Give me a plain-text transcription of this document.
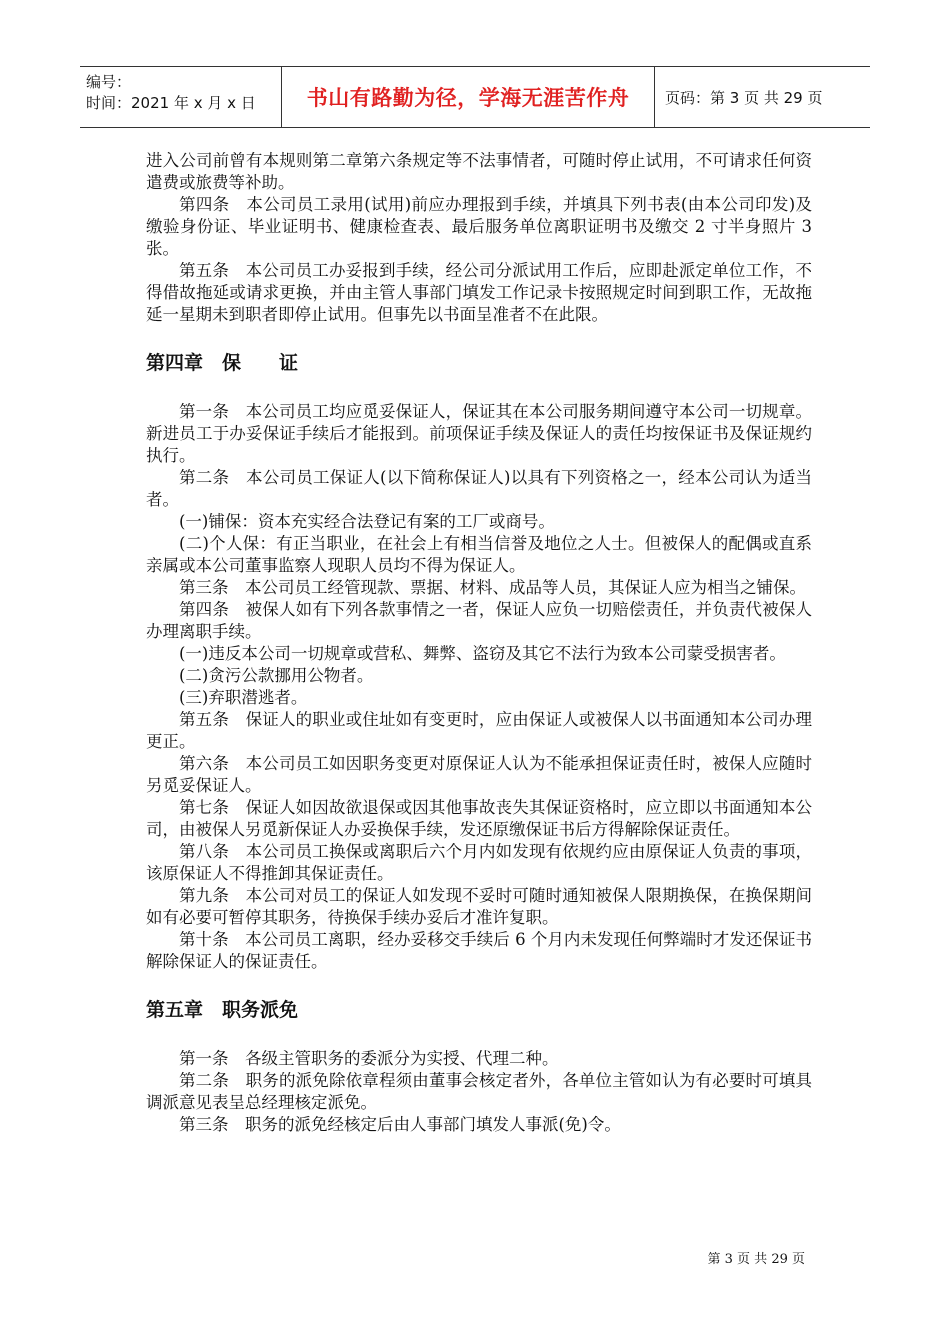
编号：
时间：2021 年 x 月 x 日	书山有路勤为径，学海无涯苦作舟	页码：第 3 页 共 29 页

进入公司前曾有本规则第二章第六条规定等不法事情者，可随时停止试用，不可请求任何资遣费或旅费等补助。

第四条　本公司员工录用(试用)前应办理报到手续，并填具下列书表(由本公司印发)及缴验身份证、毕业证明书、健康检查表、最后服务单位离职证明书及缴交 2 寸半身照片 3 张。

第五条　本公司员工办妥报到手续，经公司分派试用工作后，应即赴派定单位工作，不得借故拖延或请求更换，并由主管人事部门填发工作记录卡按照规定时间到职工作，无故拖延一星期未到职者即停止试用。但事先以书面呈准者不在此限。

第四章　保　　证

第一条　本公司员工均应觅妥保证人，保证其在本公司服务期间遵守本公司一切规章。新进员工于办妥保证手续后才能报到。前项保证手续及保证人的责任均按保证书及保证规约执行。

第二条　本公司员工保证人(以下简称保证人)以具有下列资格之一，经本公司认为适当者。

(一)铺保：资本充实经合法登记有案的工厂或商号。

(二)个人保：有正当职业，在社会上有相当信誉及地位之人士。但被保人的配偶或直系亲属或本公司董事监察人现职人员均不得为保证人。

第三条　本公司员工经管现款、票据、材料、成品等人员，其保证人应为相当之铺保。

第四条　被保人如有下列各款事情之一者，保证人应负一切赔偿责任，并负责代被保人办理离职手续。

(一)违反本公司一切规章或营私、舞弊、盗窃及其它不法行为致本公司蒙受损害者。

(二)贪污公款挪用公物者。

(三)弃职潜逃者。

第五条　保证人的职业或住址如有变更时，应由保证人或被保人以书面通知本公司办理更正。

第六条　本公司员工如因职务变更对原保证人认为不能承担保证责任时，被保人应随时另觅妥保证人。

第七条　保证人如因故欲退保或因其他事故丧失其保证资格时，应立即以书面通知本公司，由被保人另觅新保证人办妥换保手续，发还原缴保证书后方得解除保证责任。

第八条　本公司员工换保或离职后六个月内如发现有依规约应由原保证人负责的事项，该原保证人不得推卸其保证责任。

第九条　本公司对员工的保证人如发现不妥时可随时通知被保人限期换保，在换保期间如有必要可暂停其职务，待换保手续办妥后才准许复职。

第十条　本公司员工离职，经办妥移交手续后 6 个月内未发现任何弊端时才发还保证书解除保证人的保证责任。

第五章　职务派免

第一条　各级主管职务的委派分为实授、代理二种。

第二条　职务的派免除依章程须由董事会核定者外，各单位主管如认为有必要时可填具调派意见表呈总经理核定派免。

第三条　职务的派免经核定后由人事部门填发人事派(免)令。

第 3 页 共 29 页
